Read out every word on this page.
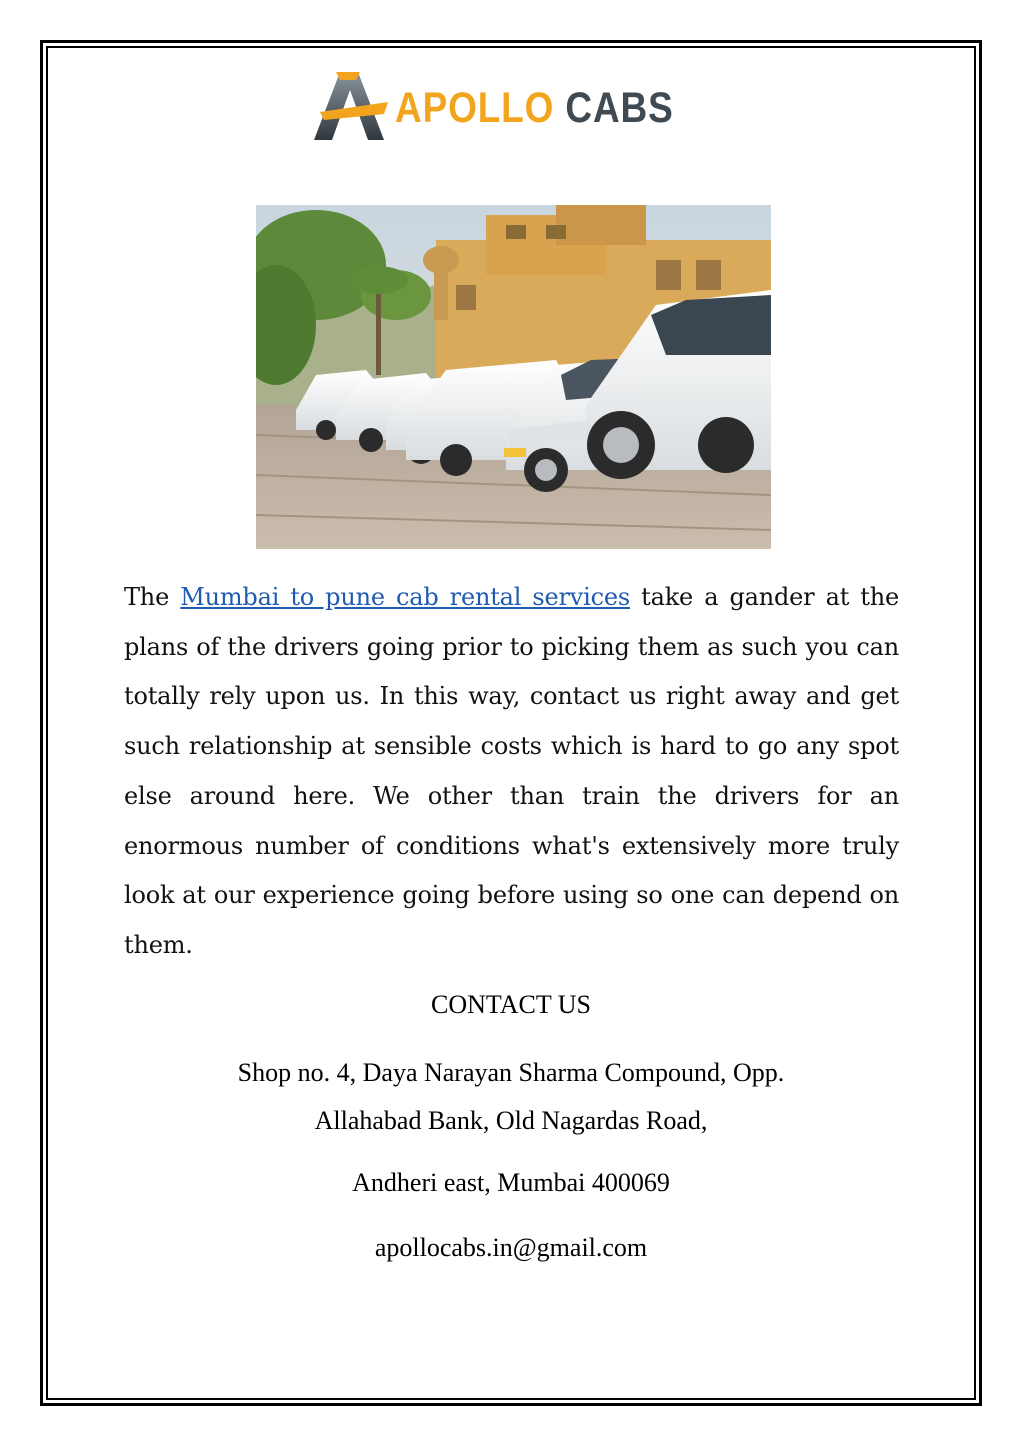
APOLLO CABS
The Mumbai to pune cab rental services take a gander at the plans of the drivers going prior to picking them as such you can totally rely upon us. In this way, contact us right away and get such relationship at sensible costs which is hard to go any spot else around here. We other than train the drivers for an enormous number of conditions what's extensively more truly look at our experience going before using so one can depend on them.
CONTACT US
Shop no. 4, Daya Narayan Sharma Compound, Opp.
Allahabad Bank, Old Nagardas Road,
Andheri east, Mumbai 400069
apollocabs.in@gmail.com
